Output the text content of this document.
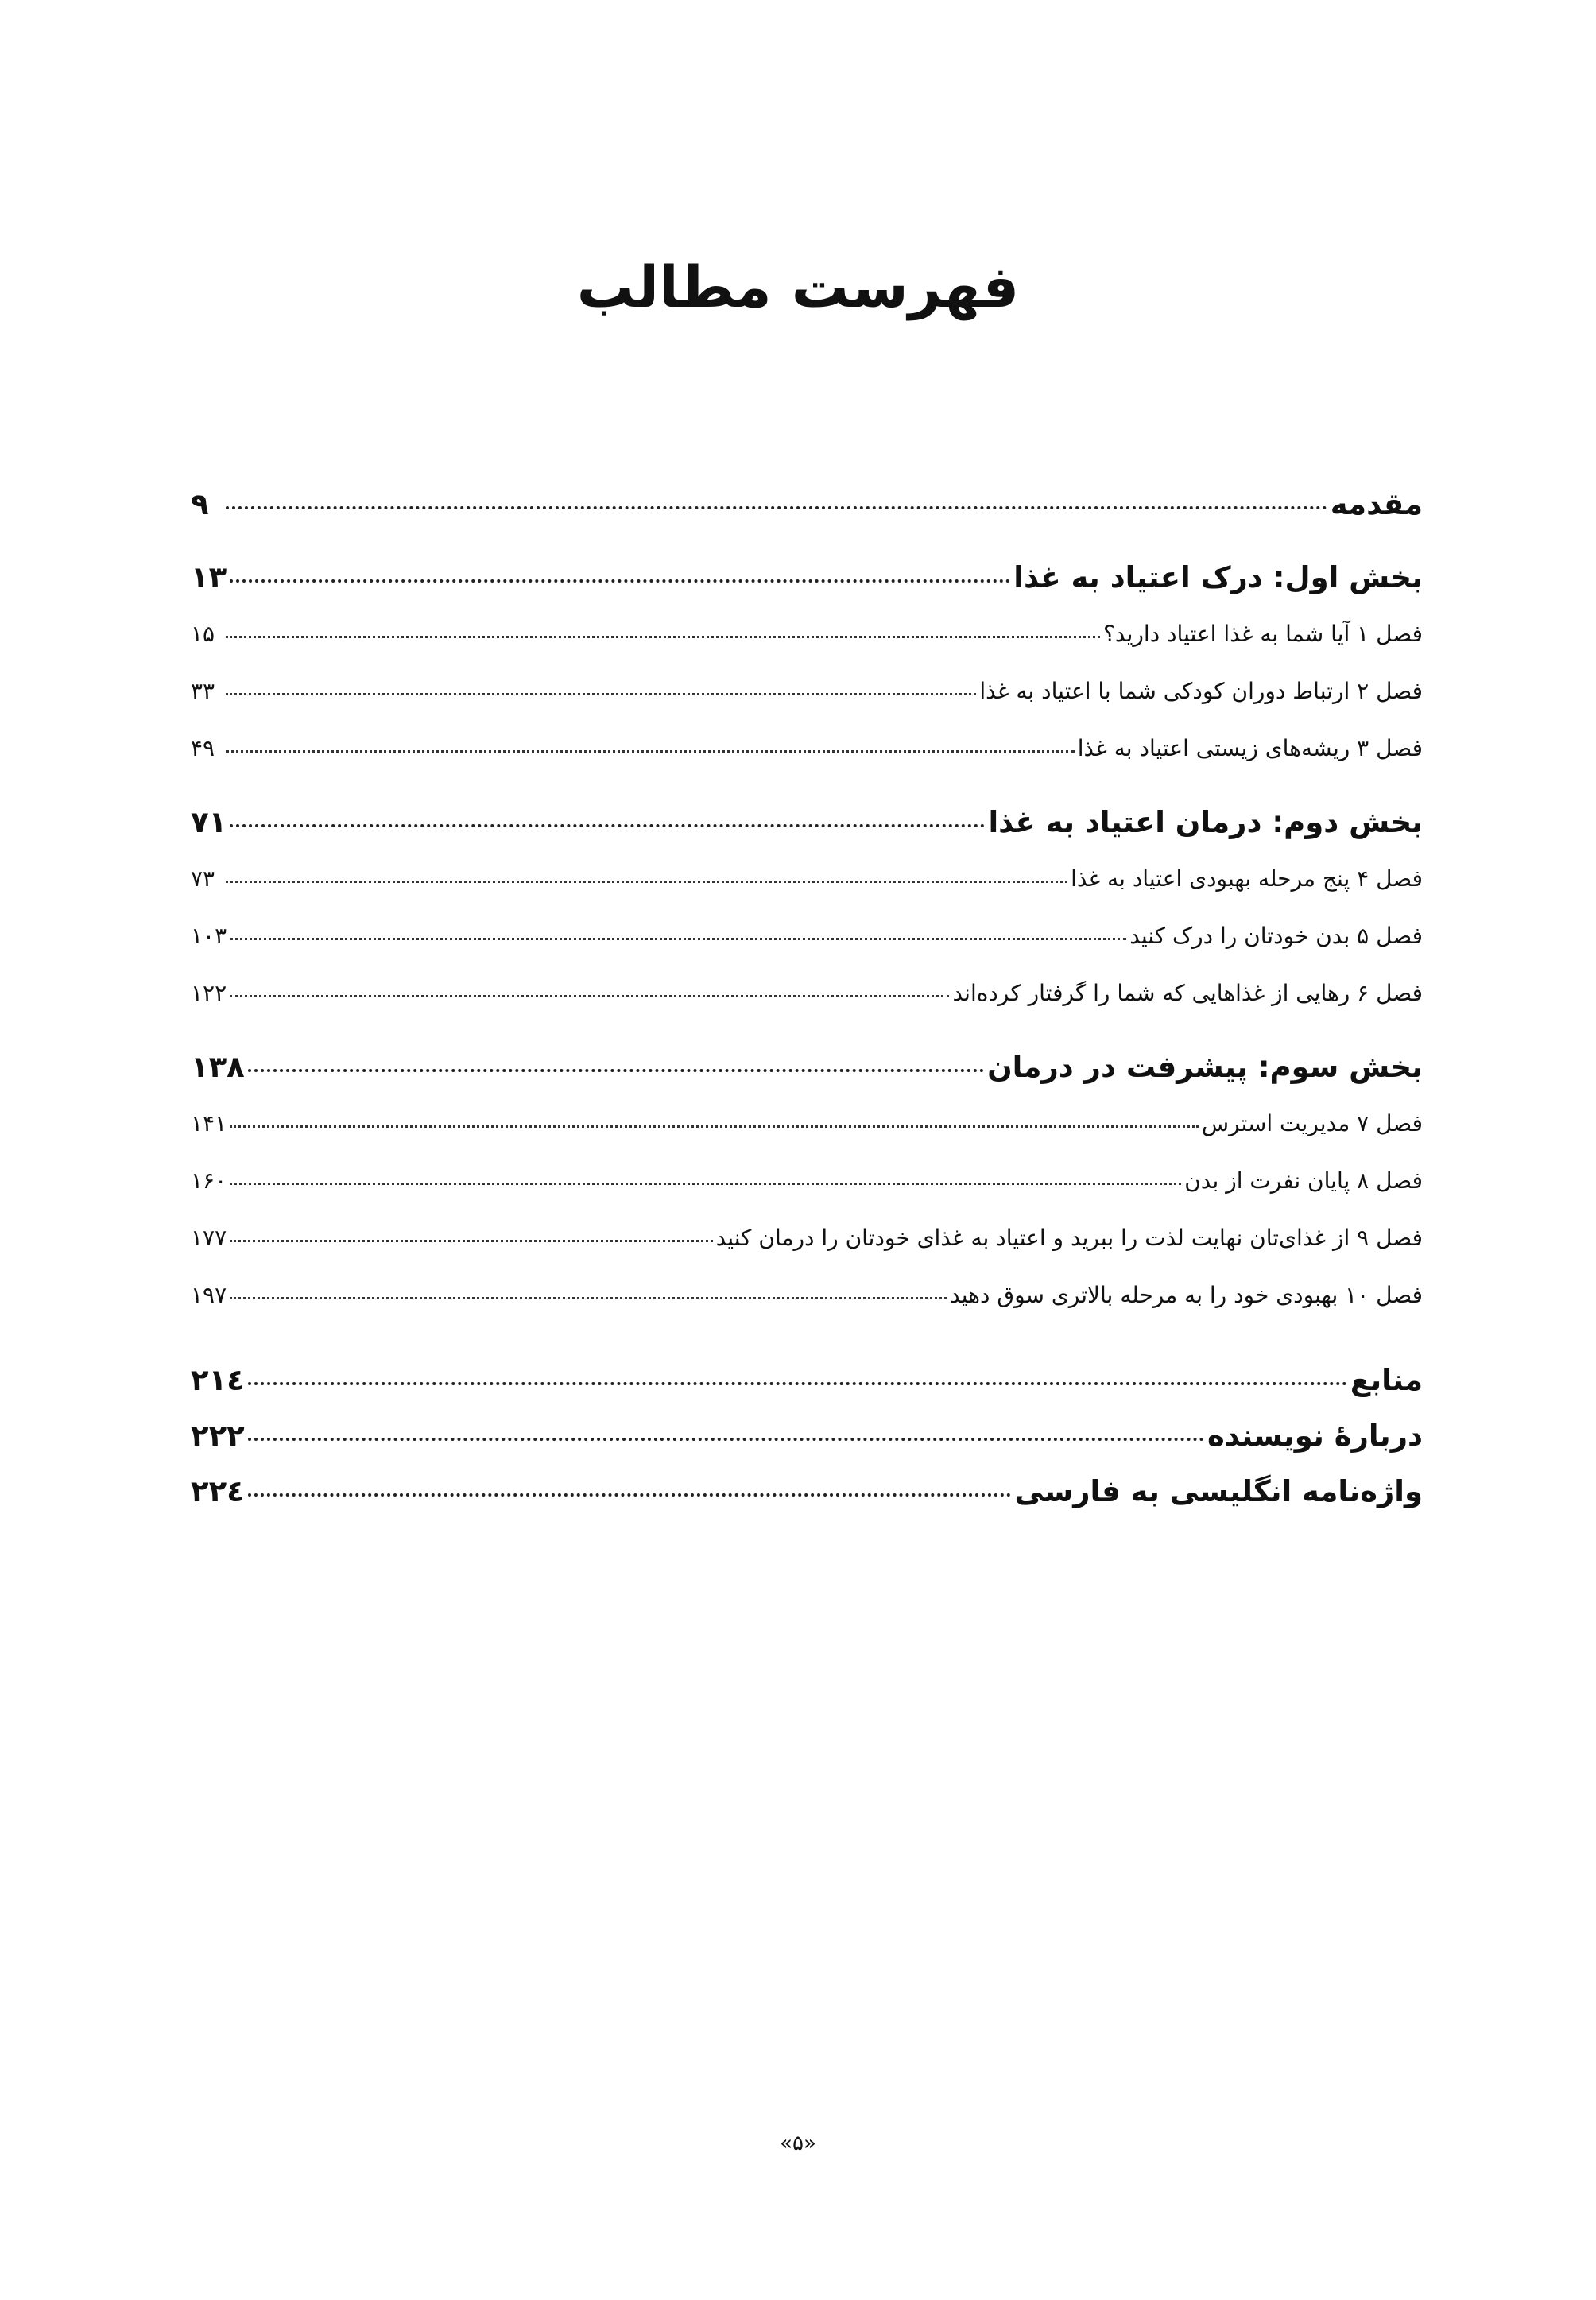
فهرست مطالب
مقدمه
۹
بخش اول: درک اعتیاد به غذا
۱۳
فصل ۱ آیا شما به غذا اعتیاد دارید؟
۱۵
فصل ۲ ارتباط دوران کودکی شما با اعتیاد به غذا
۳۳
فصل ۳ ریشه‌های زیستی اعتیاد به غذا
۴۹
بخش دوم: درمان اعتیاد به غذا
۷۱
فصل ۴ پنج مرحله بهبودی اعتیاد به غذا
۷۳
فصل ۵ بدن خودتان را درک کنید
۱۰۳
فصل ۶ رهایی از غذاهایی که شما را گرفتار کرده‌اند
۱۲۲
بخش سوم: پیشرفت در درمان
۱۳۸
فصل ۷ مدیریت استرس
۱۴۱
فصل ۸ پایان نفرت از بدن
۱۶۰
فصل ۹ از غذای‌تان نهایت لذت را ببرید و اعتیاد به غذای خودتان را درمان کنید
۱۷۷
فصل ۱۰ بهبودی خود را به مرحله بالاتری سوق دهید
۱۹۷
منابع
۲۱٤
دربارهٔ نویسنده
۲۲۲
واژه‌نامه انگلیسی به فارسی
۲۲٤
«۵»
